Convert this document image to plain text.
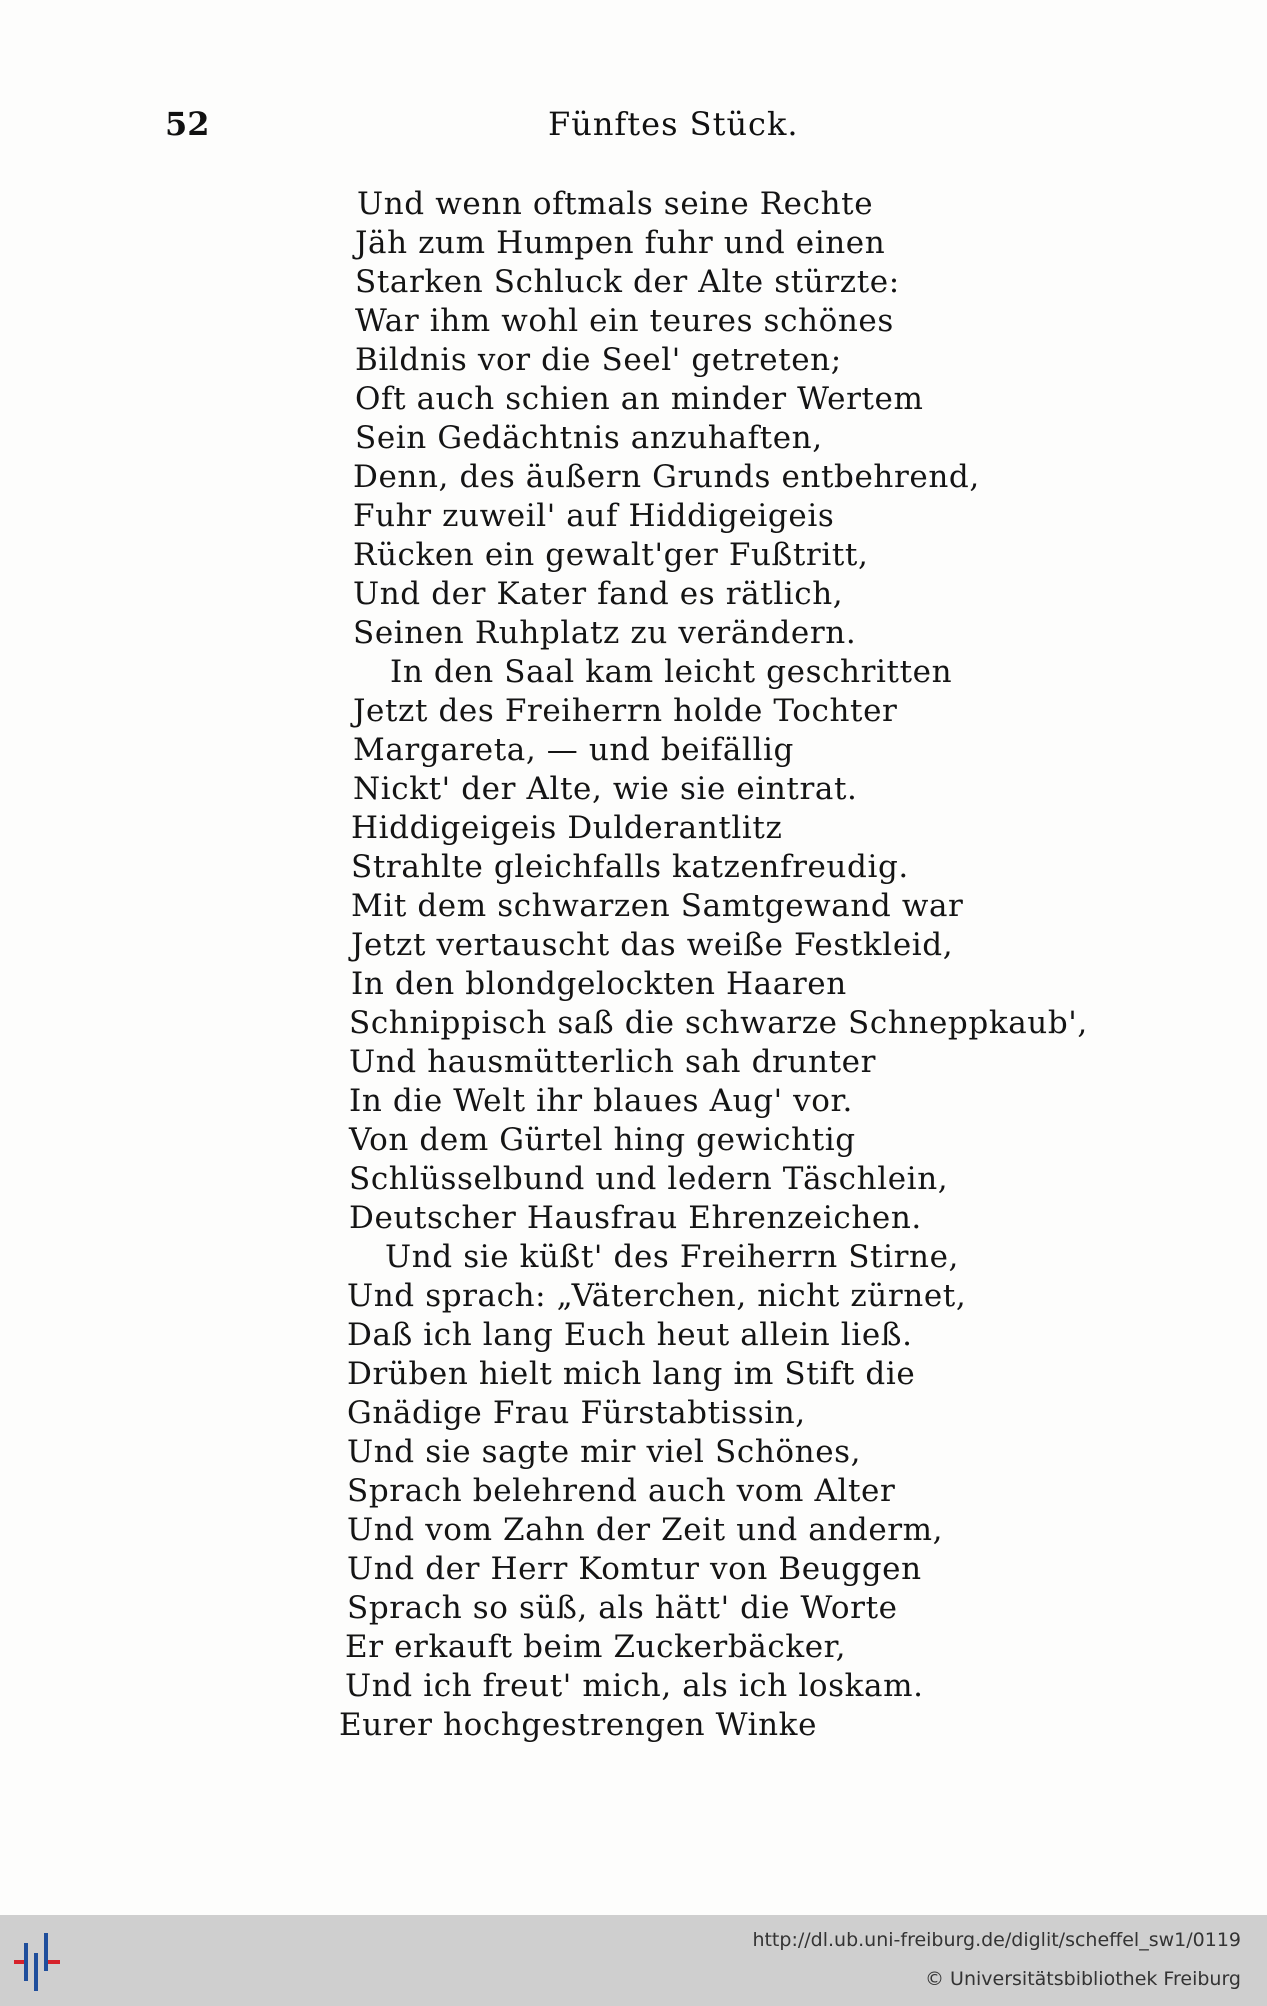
52	Fünftes Stück.
Und wenn oftmals seine Rechte
Jäh zum Humpen fuhr und einen
Starken Schluck der Alte stürzte:
War ihm wohl ein teures schönes
Bildnis vor die Seel' getreten;
Oft auch schien an minder Wertem
Sein Gedächtnis anzuhaften,
Denn, des äußern Grunds entbehrend,
Fuhr zuweil' auf Hiddigeigeis
Rücken ein gewalt'ger Fußtritt,
Und der Kater fand es rätlich,
Seinen Ruhplatz zu verändern.
In den Saal kam leicht geschritten
Jetzt des Freiherrn holde Tochter
Margareta, — und beifällig
Nickt' der Alte, wie sie eintrat.
Hiddigeigeis Dulderantlitz
Strahlte gleichfalls katzenfreudig.
Mit dem schwarzen Samtgewand war
Jetzt vertauscht das weiße Festkleid,
In den blondgelockten Haaren
Schnippisch saß die schwarze Schneppkaub',
Und hausmütterlich sah drunter
In die Welt ihr blaues Aug' vor.
Von dem Gürtel hing gewichtig
Schlüsselbund und ledern Täschlein,
Deutscher Hausfrau Ehrenzeichen.
Und sie küßt' des Freiherrn Stirne,
Und sprach: „Väterchen, nicht zürnet,
Daß ich lang Euch heut allein ließ.
Drüben hielt mich lang im Stift die
Gnädige Frau Fürstabtissin,
Und sie sagte mir viel Schönes,
Sprach belehrend auch vom Alter
Und vom Zahn der Zeit und anderm,
Und der Herr Komtur von Beuggen
Sprach so süß, als hätt' die Worte
Er erkauft beim Zuckerbäcker,
Und ich freut' mich, als ich loskam.
Eurer hochgestrengen Winke
http://dl.ub.uni-freiburg.de/diglit/scheffel_sw1/0119
© Universitätsbibliothek Freiburg
